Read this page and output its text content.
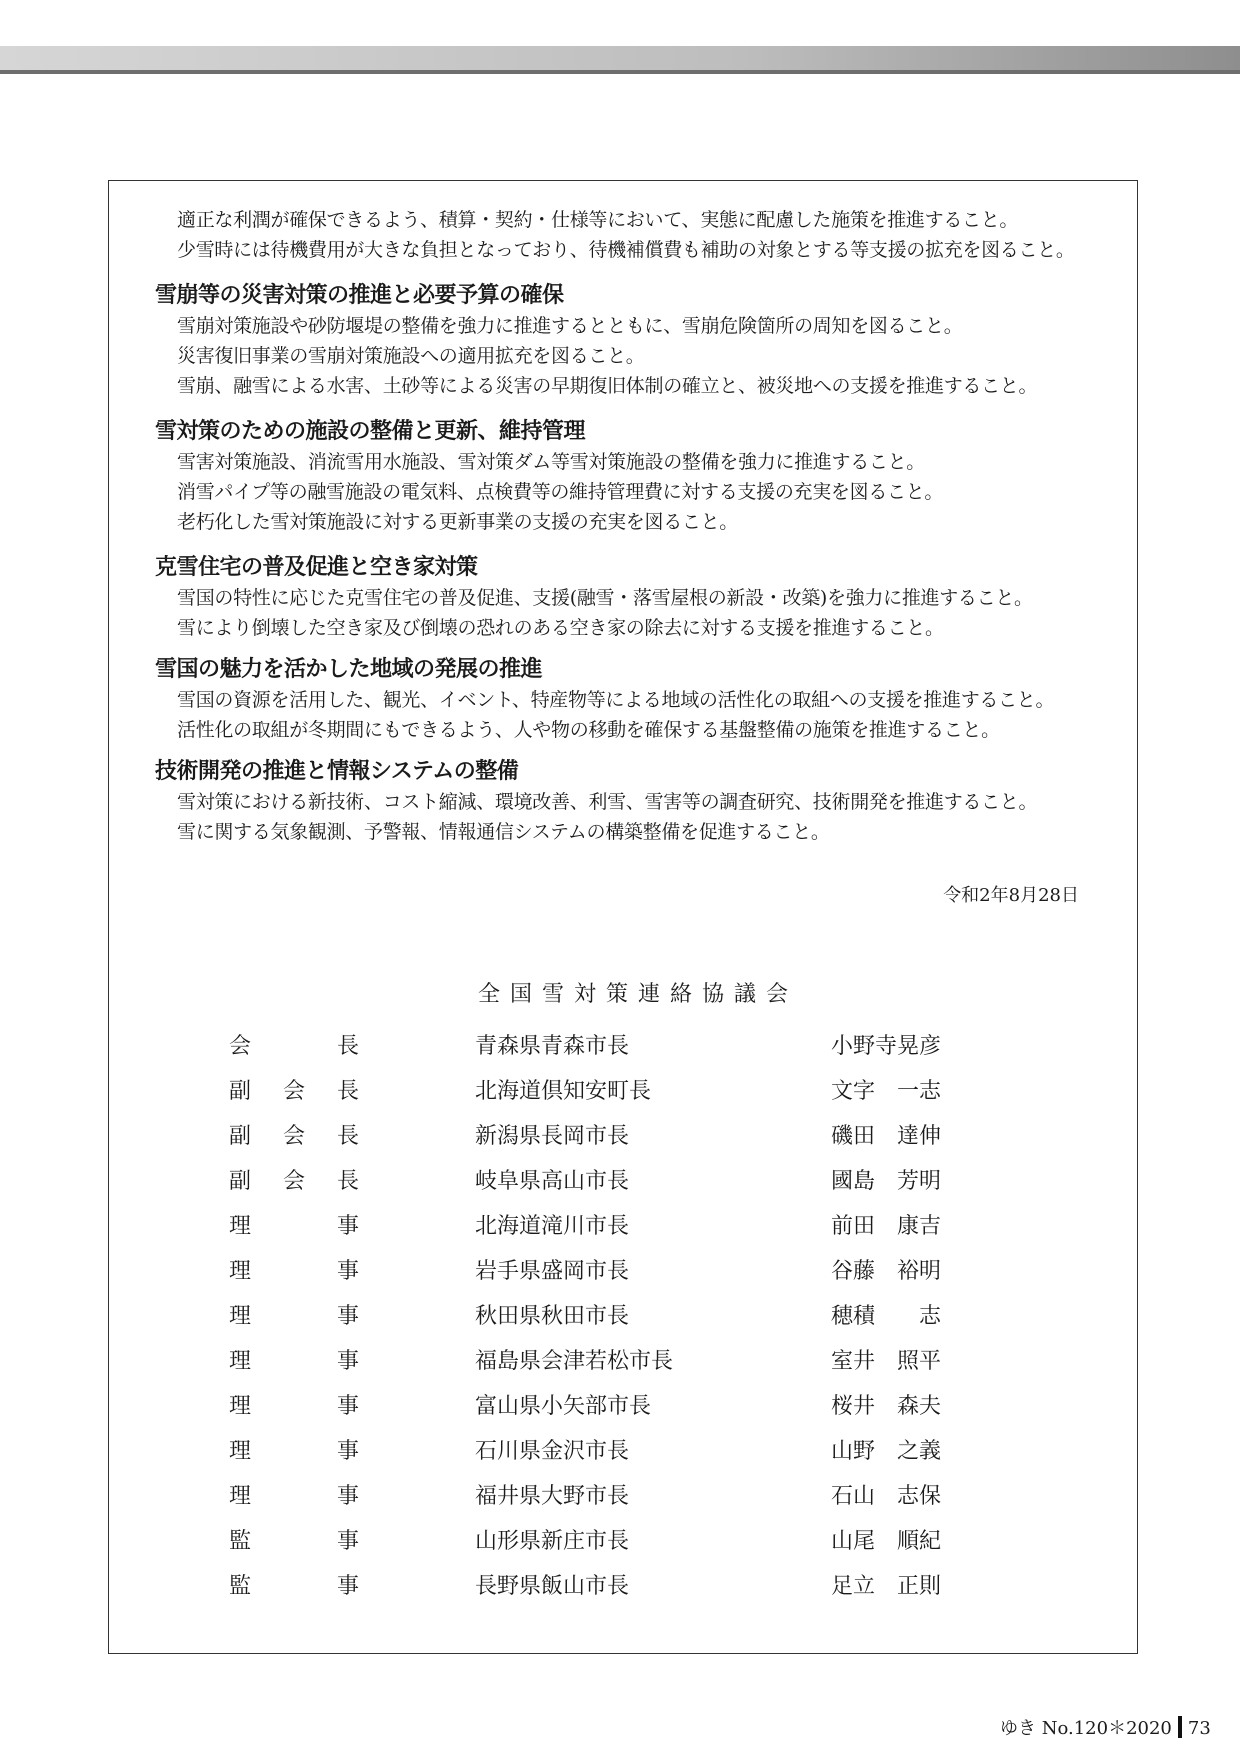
適正な利潤が確保できるよう、積算・契約・仕様等において、実態に配慮した施策を推進すること。
少雪時には待機費用が大きな負担となっており、待機補償費も補助の対象とする等支援の拡充を図ること。
雪崩等の災害対策の推進と必要予算の確保
雪崩対策施設や砂防堰堤の整備を強力に推進するとともに、雪崩危険箇所の周知を図ること。
災害復旧事業の雪崩対策施設への適用拡充を図ること。
雪崩、融雪による水害、土砂等による災害の早期復旧体制の確立と、被災地への支援を推進すること。
雪対策のための施設の整備と更新、維持管理
雪害対策施設、消流雪用水施設、雪対策ダム等雪対策施設の整備を強力に推進すること。
消雪パイプ等の融雪施設の電気料、点検費等の維持管理費に対する支援の充実を図ること。
老朽化した雪対策施設に対する更新事業の支援の充実を図ること。
克雪住宅の普及促進と空き家対策
雪国の特性に応じた克雪住宅の普及促進、支援(融雪・落雪屋根の新設・改築)を強力に推進すること。
雪により倒壊した空き家及び倒壊の恐れのある空き家の除去に対する支援を推進すること。
雪国の魅力を活かした地域の発展の推進
雪国の資源を活用した、観光、イベント、特産物等による地域の活性化の取組への支援を推進すること。
活性化の取組が冬期間にもできるよう、人や物の移動を確保する基盤整備の施策を推進すること。
技術開発の推進と情報システムの整備
雪対策における新技術、コスト縮減、環境改善、利雪、雪害等の調査研究、技術開発を推進すること。
雪に関する気象観測、予警報、情報通信システムの構築整備を促進すること。
令和2年8月28日
全国雪対策連絡協議会
会長	青森県青森市長	小野寺晃彦
副会長	北海道倶知安町長	文字　一志
副会長	新潟県長岡市長	磯田　達伸
副会長	岐阜県高山市長	國島　芳明
理事	北海道滝川市長	前田　康吉
理事	岩手県盛岡市長	谷藤　裕明
理事	秋田県秋田市長	穂積　　志
理事	福島県会津若松市長	室井　照平
理事	富山県小矢部市長	桜井　森夫
理事	石川県金沢市長	山野　之義
理事	福井県大野市長	石山　志保
監事	山形県新庄市長	山尾　順紀
監事	長野県飯山市長	足立　正則
ゆき No.120＊2020 73
